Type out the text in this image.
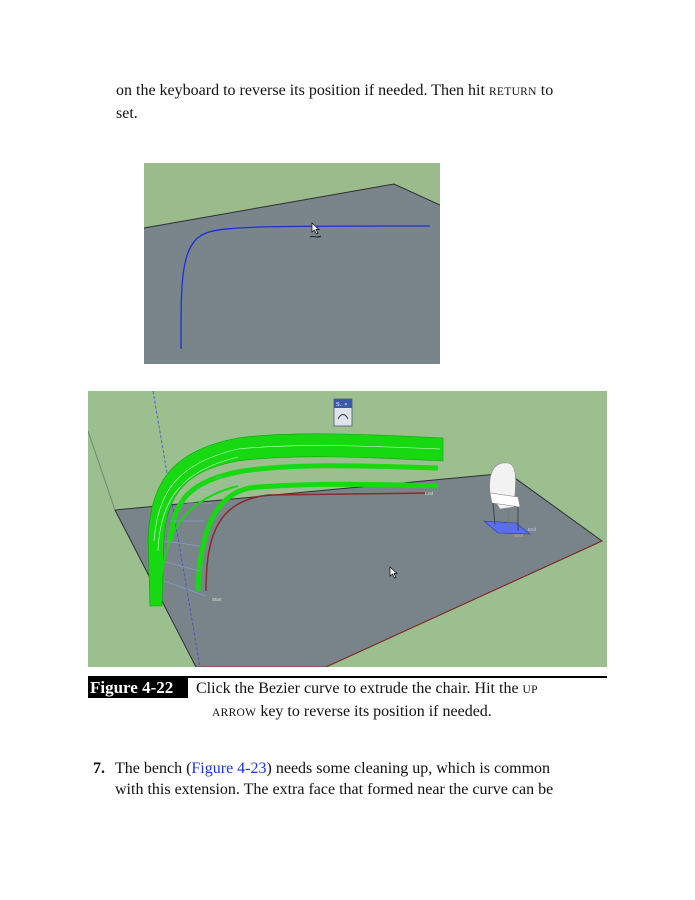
on the keyboard to reverse its position if needed. Then hit RETURN to
set.
S.. ×
Start
End
End
Start
Figure 4-22	Click the Bezier curve to extrude the chair. Hit the UP
ARROW key to reverse its position if needed.
7. The bench (Figure 4-23) needs some cleaning up, which is common
with this extension. The extra face that formed near the curve can be
